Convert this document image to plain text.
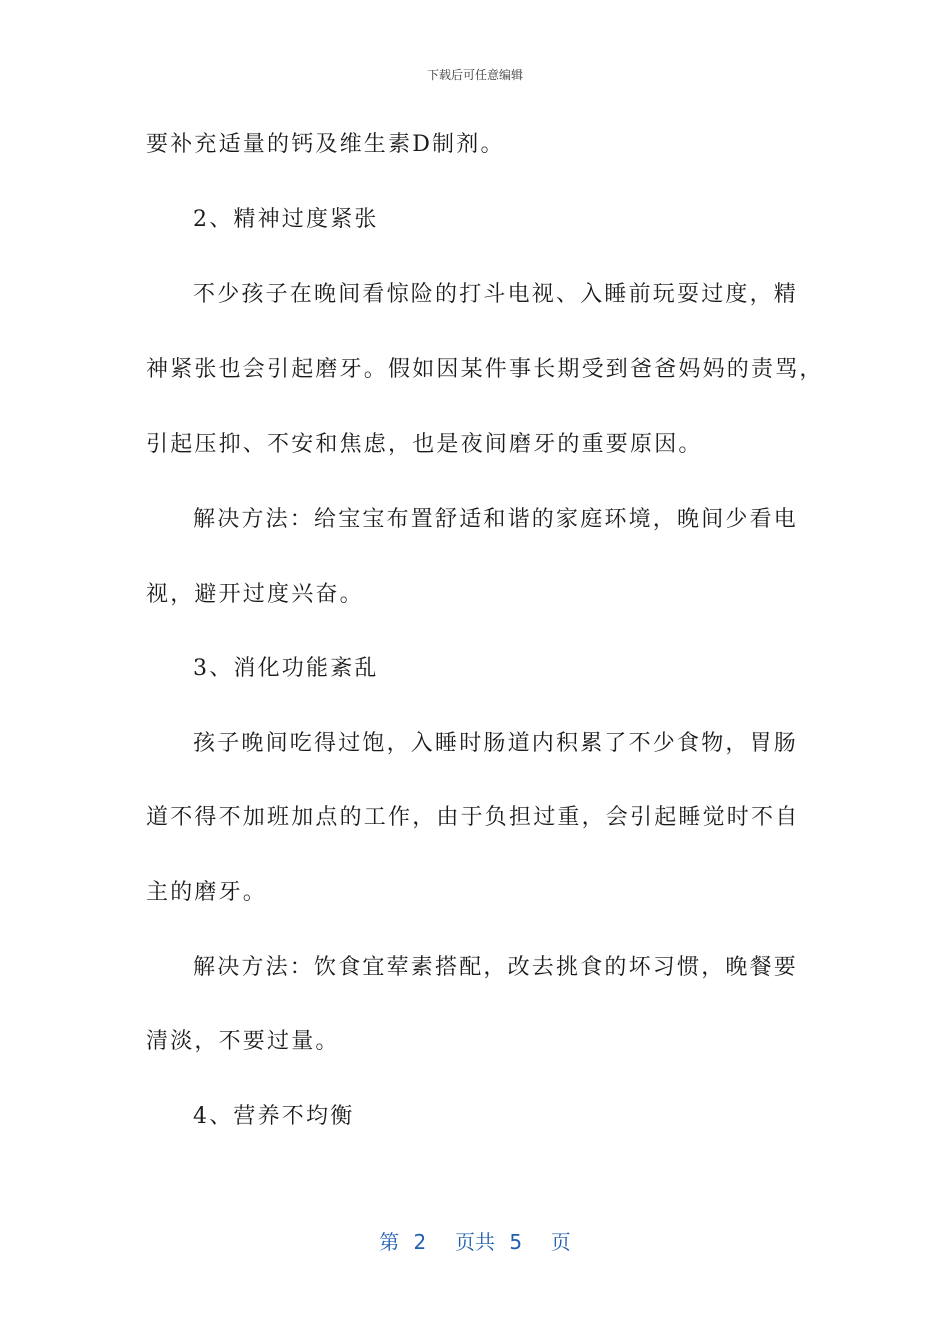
下载后可任意编辑
要补充适量的钙及维生素D制剂。
2、精神过度紧张
不少孩子在晚间看惊险的打斗电视、入睡前玩耍过度，精
神紧张也会引起磨牙。假如因某件事长期受到爸爸妈妈的责骂，
引起压抑、不安和焦虑，也是夜间磨牙的重要原因。
解决方法：给宝宝布置舒适和谐的家庭环境，晚间少看电
视，避开过度兴奋。
3、消化功能紊乱
孩子晚间吃得过饱，入睡时肠道内积累了不少食物，胃肠
道不得不加班加点的工作，由于负担过重，会引起睡觉时不自
主的磨牙。
解决方法：饮食宜荤素搭配，改去挑食的坏习惯，晚餐要
清淡，不要过量。
4、营养不均衡
第 2  页共 5  页
